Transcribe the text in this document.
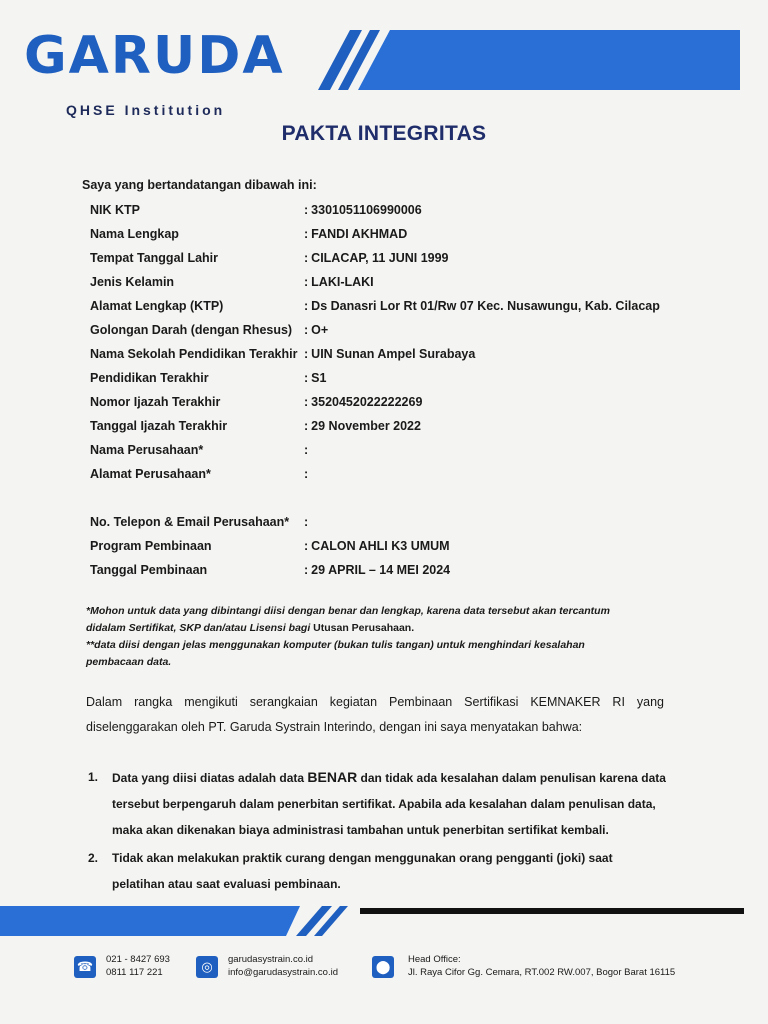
GARUDA
QHSE Institution
PAKTA INTEGRITAS
Saya yang bertandatangan dibawah ini:
NIK KTP	: 3301051106990006
Nama Lengkap	: FANDI AKHMAD
Tempat Tanggal Lahir	: CILACAP, 11 JUNI 1999
Jenis Kelamin	: LAKI-LAKI
Alamat Lengkap (KTP)	: Ds Danasri Lor Rt 01/Rw 07 Kec. Nusawungu, Kab. Cilacap
Golongan Darah (dengan Rhesus) : O+
Nama Sekolah Pendidikan Terakhir : UIN Sunan Ampel Surabaya
Pendidikan Terakhir	: S1
Nomor Ijazah Terakhir	: 3520452022222269
Tanggal Ijazah Terakhir	: 29 November 2022
Nama Perusahaan*	:
Alamat Perusahaan*	:
No. Telepon & Email Perusahaan* :
Program Pembinaan	: CALON AHLI K3 UMUM
Tanggal Pembinaan	: 29 APRIL – 14 MEI 2024
*Mohon untuk data yang dibintangi diisi dengan benar dan lengkap, karena data tersebut akan tercantum
didalam Sertifikat, SKP dan/atau Lisensi bagi Utusan Perusahaan.
**data diisi dengan jelas menggunakan komputer (bukan tulis tangan) untuk menghindari kesalahan
pembacaan data.
Dalam rangka mengikuti serangkaian kegiatan Pembinaan Sertifikasi KEMNAKER RI yang diselenggarakan oleh PT. Garuda Systrain Interindo, dengan ini saya menyatakan bahwa:
1. Data yang diisi diatas adalah data BENAR dan tidak ada kesalahan dalam penulisan karena data tersebut berpengaruh dalam penerbitan sertifikat. Apabila ada kesalahan dalam penulisan data, maka akan dikenakan biaya administrasi tambahan untuk penerbitan sertifikat kembali.
2. Tidak akan melakukan praktik curang dengan menggunakan orang pengganti (joki) saat pelatihan atau saat evaluasi pembinaan.
☎	021 - 8427 693
0811 117 221	◎	garudasystrain.co.id
info@garudasystrain.co.id	⬤	Head Office:
Jl. Raya Cifor Gg. Cemara, RT.002 RW.007, Bogor Barat 16115
